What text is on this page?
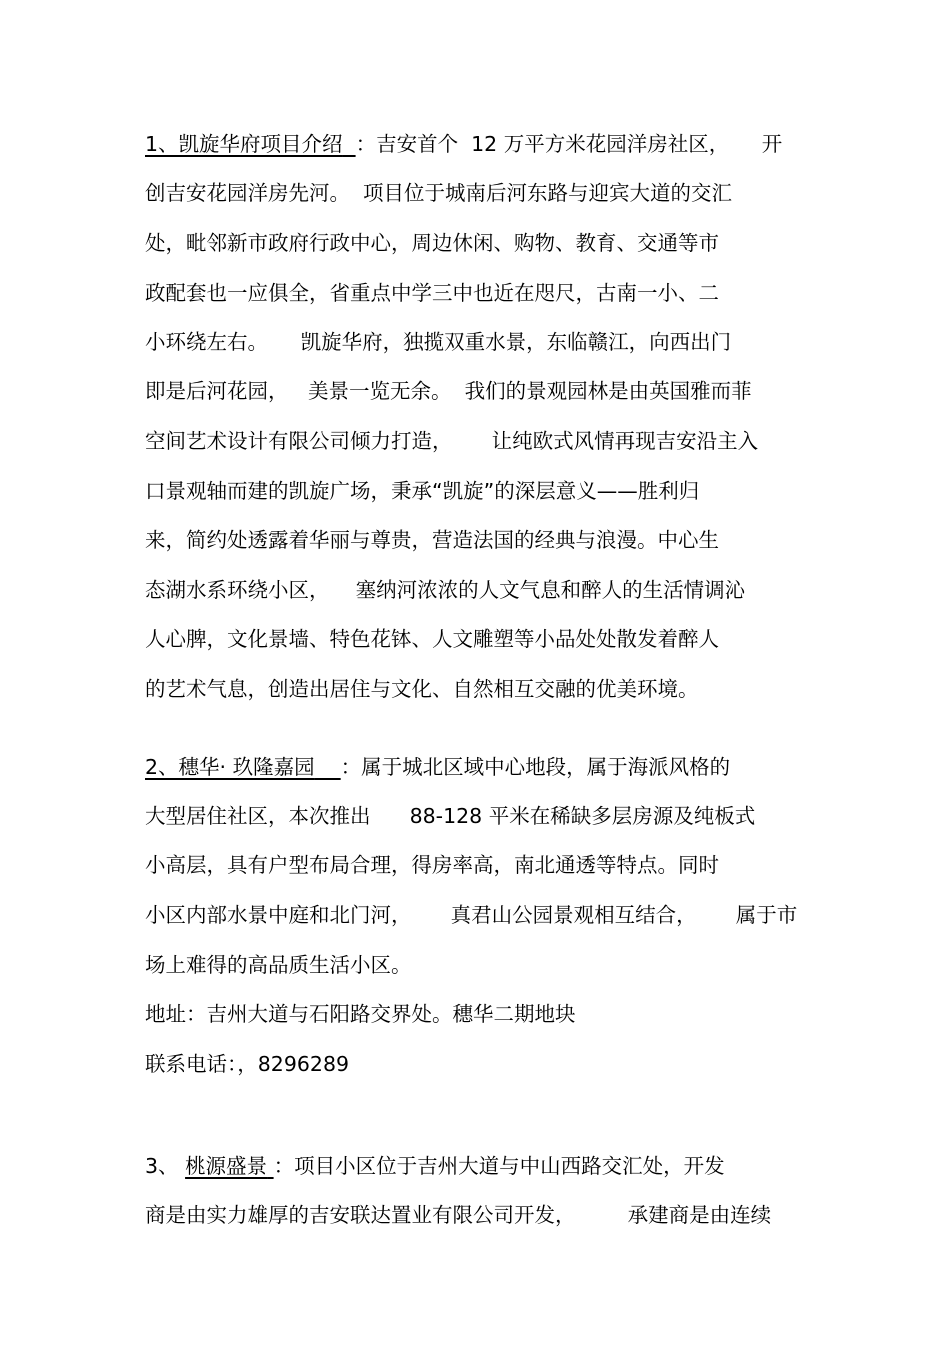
1、凯旋华府项目介绍 ：吉安首个  12 万平方米花园洋房社区，     开
创吉安花园洋房先河。  项目位于城南后河东路与迎宾大道的交汇
处，毗邻新市政府行政中心，周边休闲、购物、教育、交通等市
政配套也一应俱全，省重点中学三中也近在咫尺，古南一小、二
小环绕左右。     凯旋华府，独揽双重水景，东临赣江，向西出门
即是后河花园，   美景一览无余。  我们的景观园林是由英国雅而菲
空间艺术设计有限公司倾力打造，      让纯欧式风情再现吉安沿主入
口景观轴而建的凯旋广场，秉承“凯旋”的深层意义——胜利归
来，简约处透露着华丽与尊贵，营造法国的经典与浪漫。中心生
态湖水系环绕小区，    塞纳河浓浓的人文气息和醉人的生活情调沁
人心脾，文化景墙、特色花钵、人文雕塑等小品处处散发着醉人
的艺术气息，创造出居住与文化、自然相互交融的优美环境。
2、穗华· 玖隆嘉园 ：属于城北区域中心地段，属于海派风格的
大型居住社区，本次推出      88-128 平米在稀缺多层房源及纯板式
小高层，具有户型布局合理，得房率高，南北通透等特点。同时
小区内部水景中庭和北门河，      真君山公园景观相互结合，      属于市
场上难得的高品质生活小区。
地址：吉州大道与石阳路交界处。穗华二期地块
联系电话：，8296289
3、 桃源盛景 ：项目小区位于吉州大道与中山西路交汇处，开发
商是由实力雄厚的吉安联达置业有限公司开发，        承建商是由连续
